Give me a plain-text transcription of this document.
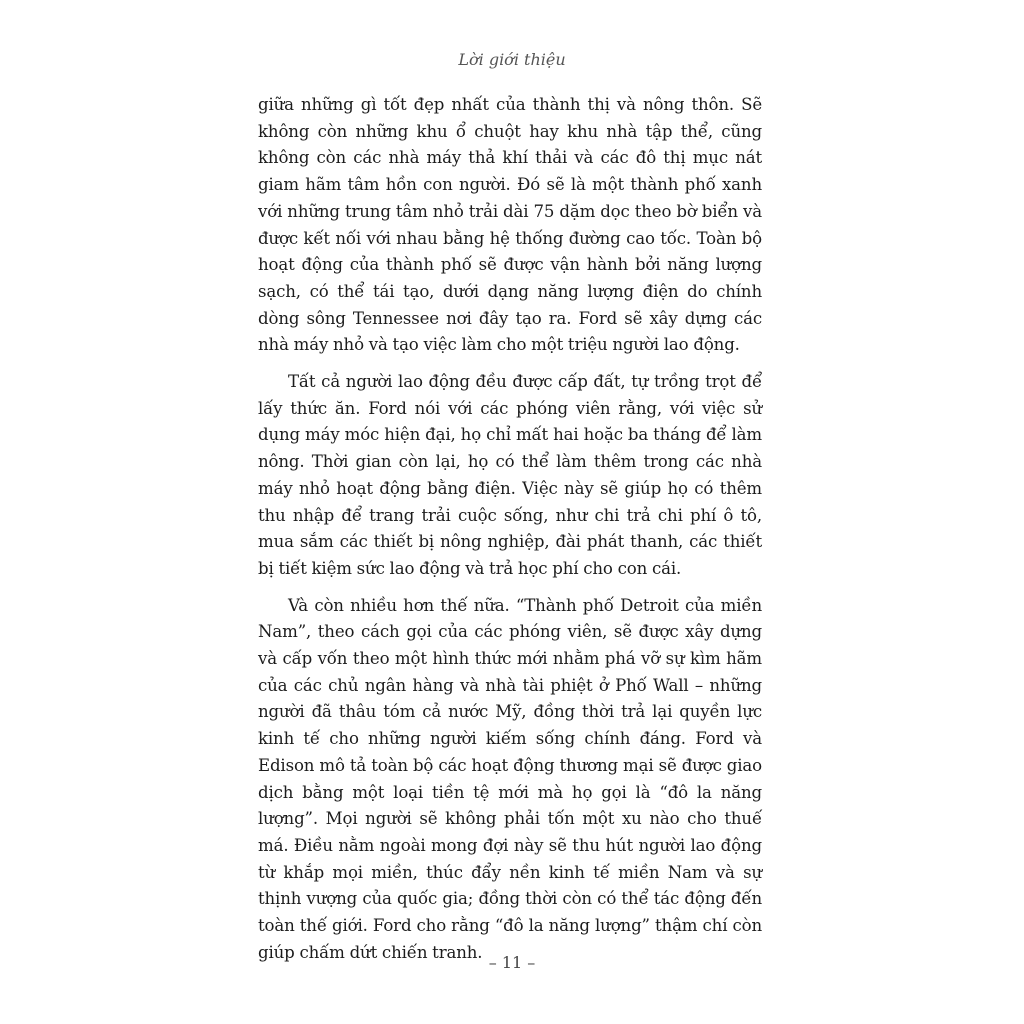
Lời giới thiệu

giữa những gì tốt đẹp nhất của thành thị và nông thôn. Sẽ không còn những khu ổ chuột hay khu nhà tập thể, cũng không còn các nhà máy thả khí thải và các đô thị mục nát giam hãm tâm hồn con người. Đó sẽ là một thành phố xanh với những trung tâm nhỏ trải dài 75 dặm dọc theo bờ biển và được kết nối với nhau bằng hệ thống đường cao tốc. Toàn bộ hoạt động của thành phố sẽ được vận hành bởi năng lượng sạch, có thể tái tạo, dưới dạng năng lượng điện do chính dòng sông Tennessee nơi đây tạo ra. Ford sẽ xây dựng các nhà máy nhỏ và tạo việc làm cho một triệu người lao động.

Tất cả người lao động đều được cấp đất, tự trồng trọt để lấy thức ăn. Ford nói với các phóng viên rằng, với việc sử dụng máy móc hiện đại, họ chỉ mất hai hoặc ba tháng để làm nông. Thời gian còn lại, họ có thể làm thêm trong các nhà máy nhỏ hoạt động bằng điện. Việc này sẽ giúp họ có thêm thu nhập để trang trải cuộc sống, như chi trả chi phí ô tô, mua sắm các thiết bị nông nghiệp, đài phát thanh, các thiết bị tiết kiệm sức lao động và trả học phí cho con cái.

Và còn nhiều hơn thế nữa. “Thành phố Detroit của miền Nam”, theo cách gọi của các phóng viên, sẽ được xây dựng và cấp vốn theo một hình thức mới nhằm phá vỡ sự kìm hãm của các chủ ngân hàng và nhà tài phiệt ở Phố Wall – những người đã thâu tóm cả nước Mỹ, đồng thời trả lại quyền lực kinh tế cho những người kiếm sống chính đáng. Ford và Edison mô tả toàn bộ các hoạt động thương mại sẽ được giao dịch bằng một loại tiền tệ mới mà họ gọi là “đô la năng lượng”. Mọi người sẽ không phải tốn một xu nào cho thuế má. Điều nằm ngoài mong đợi này sẽ thu hút người lao động từ khắp mọi miền, thúc đẩy nền kinh tế miền Nam và sự thịnh vượng của quốc gia; đồng thời còn có thể tác động đến toàn thế giới. Ford cho rằng “đô la năng lượng” thậm chí còn giúp chấm dứt chiến tranh.

– 11 –
